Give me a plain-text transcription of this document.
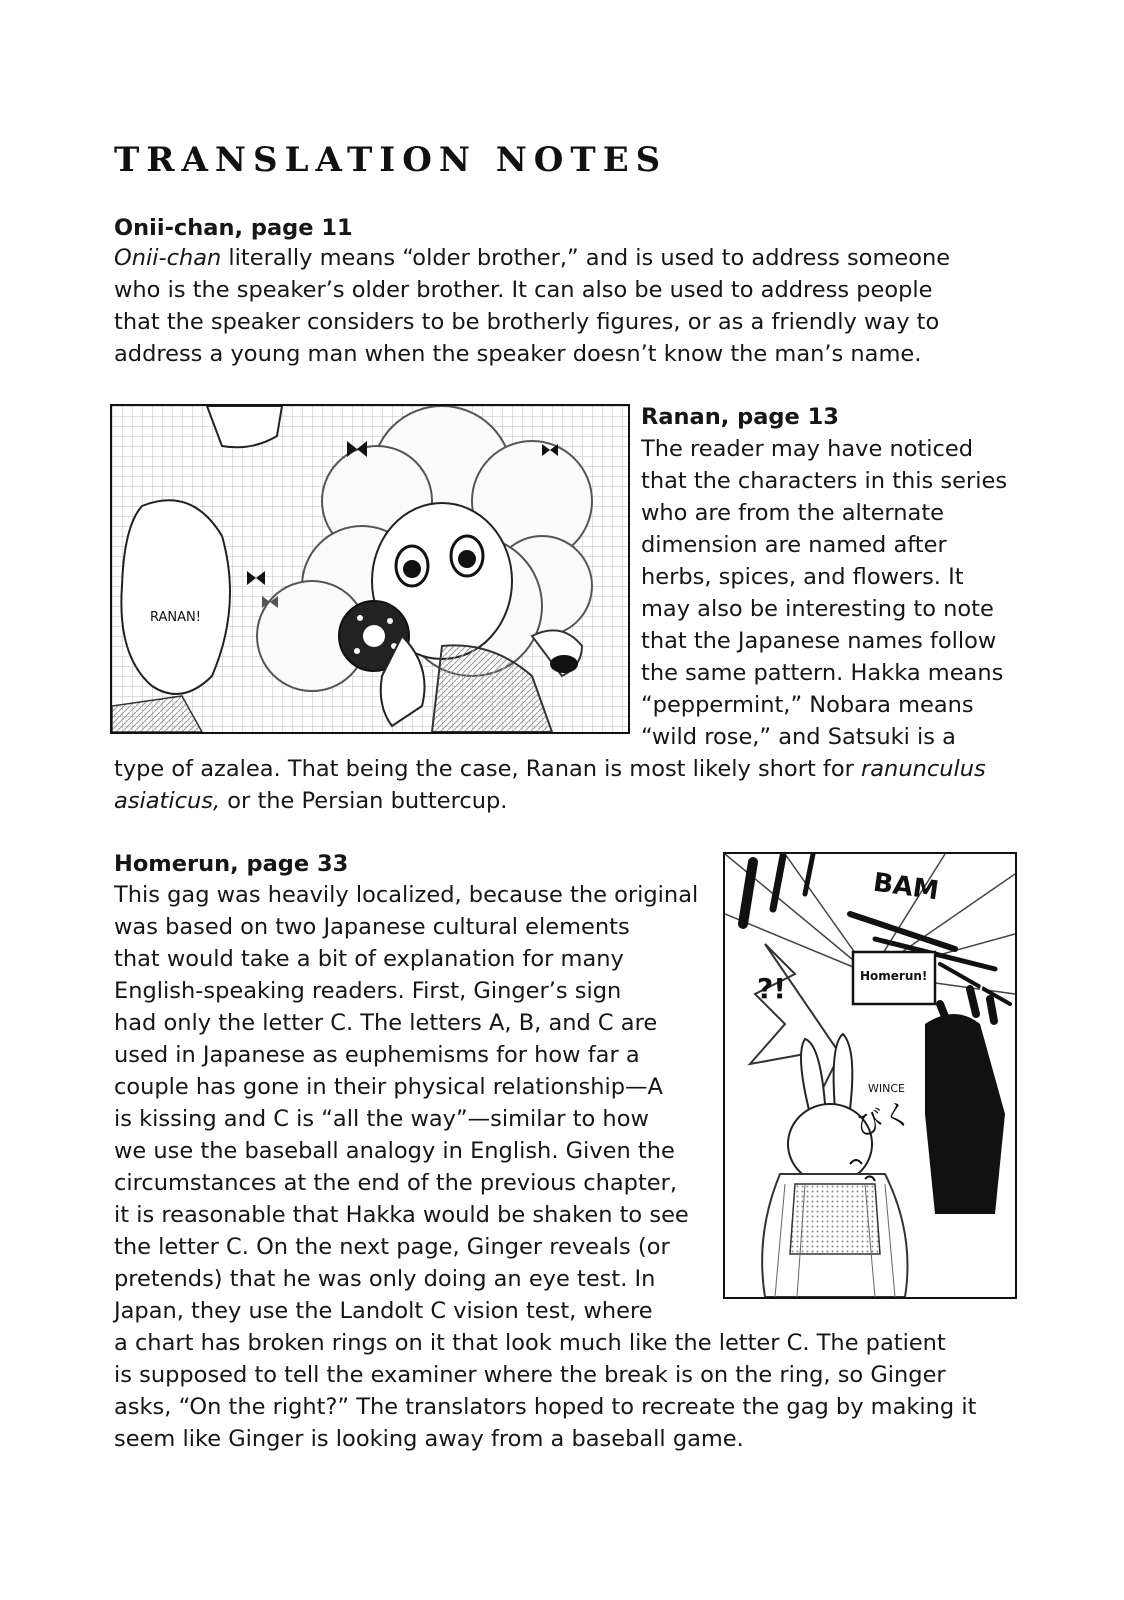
TRANSLATION NOTES
Onii-chan, page 11
Onii-chan literally means “older brother,” and is used to address someone
who is the speaker’s older brother. It can also be used to address people
that the speaker considers to be brotherly figures, or as a friendly way to
address a young man when the speaker doesn’t know the man’s name.
RANAN!
Ranan, page 13
The reader may have noticed
that the characters in this series
who are from the alternate
dimension are named after
herbs, spices, and flowers. It
may also be interesting to note
that the Japanese names follow
the same pattern. Hakka means
“peppermint,” Nobara means
“wild rose,” and Satsuki is a
type of azalea. That being the case, Ranan is most likely short for ranunculus
asiaticus, or the Persian buttercup.
BAM
?!	Homerun!
WINCE
びく
Homerun, page 33
This gag was heavily localized, because the original
was based on two Japanese cultural elements
that would take a bit of explanation for many
English-speaking readers. First, Ginger’s sign
had only the letter C. The letters A, B, and C are
used in Japanese as euphemisms for how far a
couple has gone in their physical relationship—A
is kissing and C is “all the way”—similar to how
we use the baseball analogy in English. Given the
circumstances at the end of the previous chapter,
it is reasonable that Hakka would be shaken to see
the letter C. On the next page, Ginger reveals (or
pretends) that he was only doing an eye test. In
Japan, they use the Landolt C vision test, where
a chart has broken rings on it that look much like the letter C. The patient
is supposed to tell the examiner where the break is on the ring, so Ginger
asks, “On the right?” The translators hoped to recreate the gag by making it
seem like Ginger is looking away from a baseball game.
